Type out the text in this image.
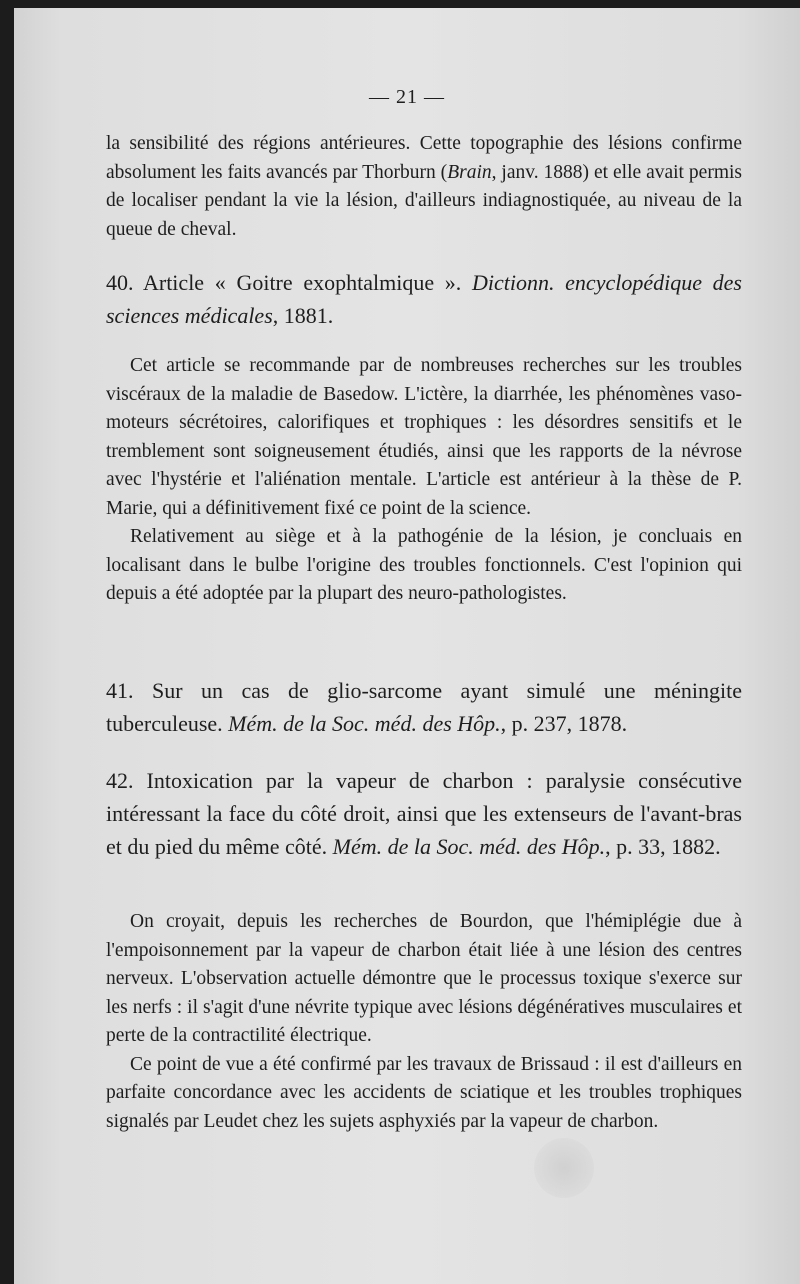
— 21 —

la sensibilité des régions antérieures. Cette topographie des lésions confirme absolument les faits avancés par Thorburn (Brain, janv. 1888) et elle avait permis de localiser pendant la vie la lésion, d'ailleurs indiagnostiquée, au niveau de la queue de cheval.

40. Article « Goitre exophtalmique ». Dictionn. encyclopédique des sciences médicales, 1881.

Cet article se recommande par de nombreuses recherches sur les troubles viscéraux de la maladie de Basedow. L'ictère, la diarrhée, les phénomènes vaso-moteurs sécrétoires, calorifiques et trophiques : les désordres sensitifs et le tremblement sont soigneusement étudiés, ainsi que les rapports de la névrose avec l'hystérie et l'aliénation mentale. L'article est antérieur à la thèse de P. Marie, qui a définitivement fixé ce point de la science.

Relativement au siège et à la pathogénie de la lésion, je concluais en localisant dans le bulbe l'origine des troubles fonctionnels. C'est l'opinion qui depuis a été adoptée par la plupart des neuro-pathologistes.

41. Sur un cas de glio-sarcome ayant simulé une méningite tuberculeuse. Mém. de la Soc. méd. des Hôp., p. 237, 1878.

42. Intoxication par la vapeur de charbon : paralysie consécutive intéressant la face du côté droit, ainsi que les extenseurs de l'avant-bras et du pied du même côté. Mém. de la Soc. méd. des Hôp., p. 33, 1882.

On croyait, depuis les recherches de Bourdon, que l'hémiplégie due à l'empoisonnement par la vapeur de charbon était liée à une lésion des centres nerveux. L'observation actuelle démontre que le processus toxique s'exerce sur les nerfs : il s'agit d'une névrite typique avec lésions dégénératives musculaires et perte de la contractilité électrique.

Ce point de vue a été confirmé par les travaux de Brissaud : il est d'ailleurs en parfaite concordance avec les accidents de sciatique et les troubles trophiques signalés par Leudet chez les sujets asphyxiés par la vapeur de charbon.
